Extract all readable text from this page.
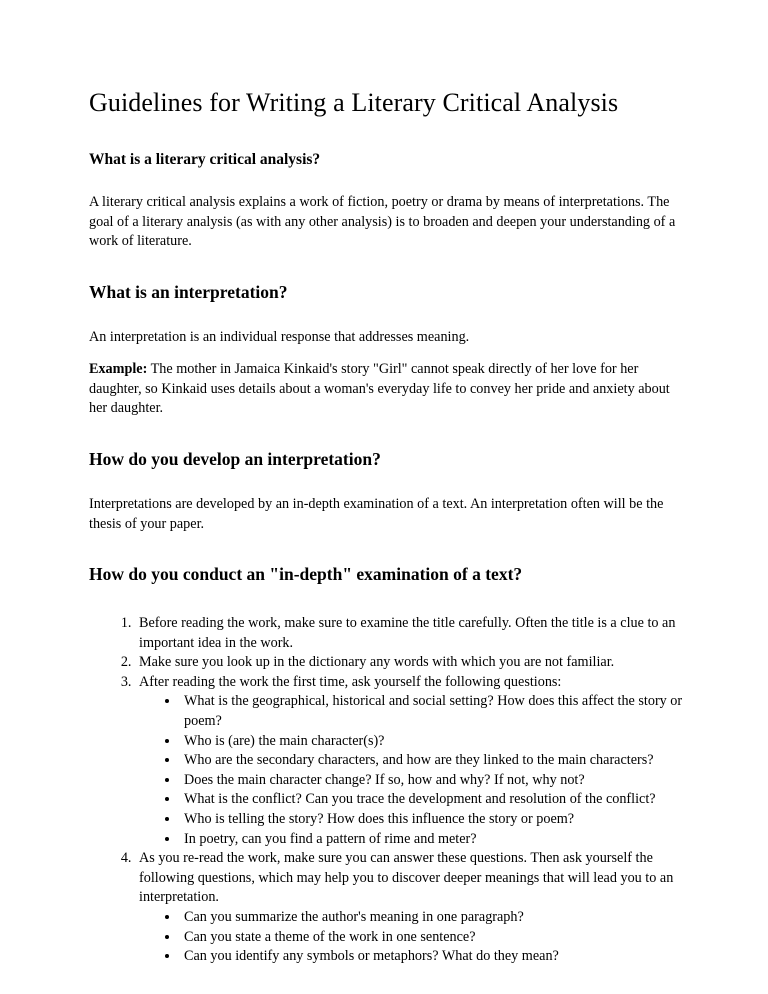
Guidelines for Writing a Literary Critical Analysis
What is a literary critical analysis?

A literary critical analysis explains a work of fiction, poetry or drama by means of interpretations. The goal of a literary analysis (as with any other analysis) is to broaden and deepen your understanding of a work of literature.

What is an interpretation?

An interpretation is an individual response that addresses meaning.

Example: The mother in Jamaica Kinkaid's story "Girl" cannot speak directly of her love for her daughter, so Kinkaid uses details about a woman's everyday life to convey her pride and anxiety about her daughter.

How do you develop an interpretation?

Interpretations are developed by an in-depth examination of a text. An interpretation often will be the thesis of your paper.

How do you conduct an "in-depth" examination of a text?
1. Before reading the work, make sure to examine the title carefully. Often the title is a clue to an important idea in the work.
2. Make sure you look up in the dictionary any words with which you are not familiar.
3. After reading the work the first time, ask yourself the following questions:
• What is the geographical, historical and social setting? How does this affect the story or poem?
• Who is (are) the main character(s)?
• Who are the secondary characters, and how are they linked to the main characters?
• Does the main character change? If so, how and why? If not, why not?
• What is the conflict? Can you trace the development and resolution of the conflict?
• Who is telling the story? How does this influence the story or poem?
• In poetry, can you find a pattern of rime and meter?
4. As you re-read the work, make sure you can answer these questions. Then ask yourself the following questions, which may help you to discover deeper meanings that will lead you to an interpretation.
• Can you summarize the author's meaning in one paragraph?
• Can you state a theme of the work in one sentence?
• Can you identify any symbols or metaphors? What do they mean?
